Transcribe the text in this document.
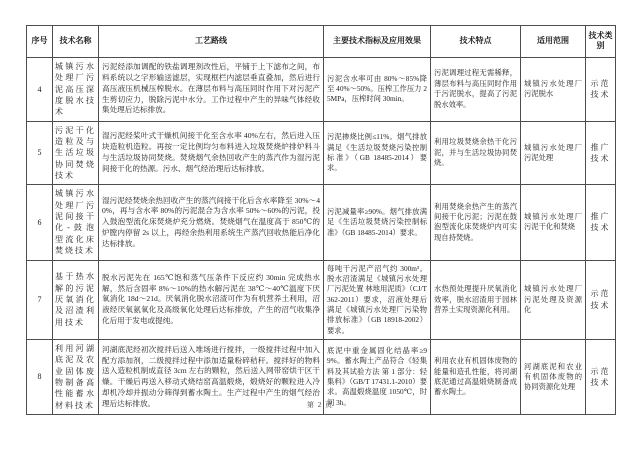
序号	技术名称	工艺路线	主要技术指标及应用效果	技术特点	适用范围	技术类别
4	城镇污水处理厂污泥高压深度脱水技术	污泥经添加调配的铁盐调理剂改性后，平铺于上下滤布之间，布料系统以之字形输送滤层，实现框栏内滤层垂直叠加，然后进行高压液压机械压榨脱水。在薄层布料与高压同时作用下对污泥产生剪切应力，脱除污泥中水分。工作过程中产生的异味气体经收集处理后达标排放。	污泥含水率可由 80%～85%降至 40%～50%。压榨工作压力 25MPa，压榨时间 30min。	污泥调理过程无需稀释，薄层布料与高压同时作用于污泥脱水，提高了污泥脱水效率。	城镇污水处理厂污泥脱水	示范技术
5	污泥干化造粒及与生活垃圾协同焚烧技术	湿污泥经桨叶式干燥机间接干化至含水率 40%左右，然后进入压块造粒机造粒。再按一定比例均匀布料进入垃圾焚烧炉排炉料斗与生活垃圾协同焚烧。焚烧烟气余热回收产生的蒸汽作为湿污泥间接干化的热源。污水、烟气经治理后达标排放。	污泥掺烧比例≤11%。烟气排放满足《生活垃圾焚烧污染控制标准》（GB 18485-2014）要求。	利用垃圾焚烧余热干化污泥，并与生活垃圾协同焚烧。	城镇污水处理厂污泥处理	推广技术
6	城镇污水处理厂污泥间接干化-鼓泡型流化床焚烧技术	湿污泥经焚烧余热回收产生的蒸汽间接干化后含水率降至 30%～40%，再与含水率 80%的污泥混合为含水率 50%～60%的污泥，投入鼓泡型流化床焚烧炉充分燃烧。焚烧烟气在温度高于 850℃的炉膛内停留 2s 以上，再经余热利用系统生产蒸汽回收热能后净化达标排放。	污泥减量率≥90%。烟气排放满足《生活垃圾焚烧污染控制标准》（GB 18485-2014）要求。	利用焚烧余热产生的蒸汽间接干化污泥；污泥在鼓泡型流化床焚烧炉内可实现自持焚烧。	城镇污水处理厂污泥干化和焚烧	推广技术
7	基于热水解的污泥厌氧消化及沼渣利用技术	脱水污泥先在 165℃饱和蒸气压条件下反应约 30min 完成热水解，然后含固率 8%～10%的热水解污泥在 38℃～40℃温度下厌氧消化 18d～21d。厌氧消化脱水沼渣可作为有机营养土利用，沼液经厌氧氨氧化及高级氧化处理后达标排放，产生的沼气收集净化后用于发电或提纯。	每吨干污泥产沼气约 300m³。脱水沼渣满足《城镇污水处理厂污泥处置 林地用泥质》（CJ/T 362-2011）要求，沼液处理后满足《城镇污水处理厂污染物排放标准》（GB 18918-2002）要求。	水热预处理提升厌氧消化效率，脱水沼渣用于园林营养土实现资源化利用。	城镇污水处理厂污泥处理及资源化	示范技术
8	利用河湖底泥及农业固体废物制备高性能蓄水材料技术	河湖底泥经初次搅拌后送入堆场进行搅拌，一级搅拌过程中加入配方添加剂，二级搅拌过程中添加适量粉碎秸秆。搅拌好的物料送入造粒机制成直径 3cm 左右的颗粒，然后送入网带窑烘干区干燥。干燥后再送入移动式烧结窑高温煅烧，煅烧好的颗粒进入冷却机冷却并振动分筛得到蓄水陶土。生产过程中产生的烟气经治理后达标排放。	底泥中重金属固化结晶率≥99%。蓄水陶土产品符合《轻集料及其试验方法 第 1 部分：轻集料》（GB/T 17431.1-2010）要求。高温煅烧温度 1050℃，时间 3h。	利用农业有机固体废物的能量和造孔性能，将河湖底泥通过高温煅烧制备成蓄水陶土。	河湖底泥和农业有机固体废物的协同资源化处理	示范技术
第 2 页
